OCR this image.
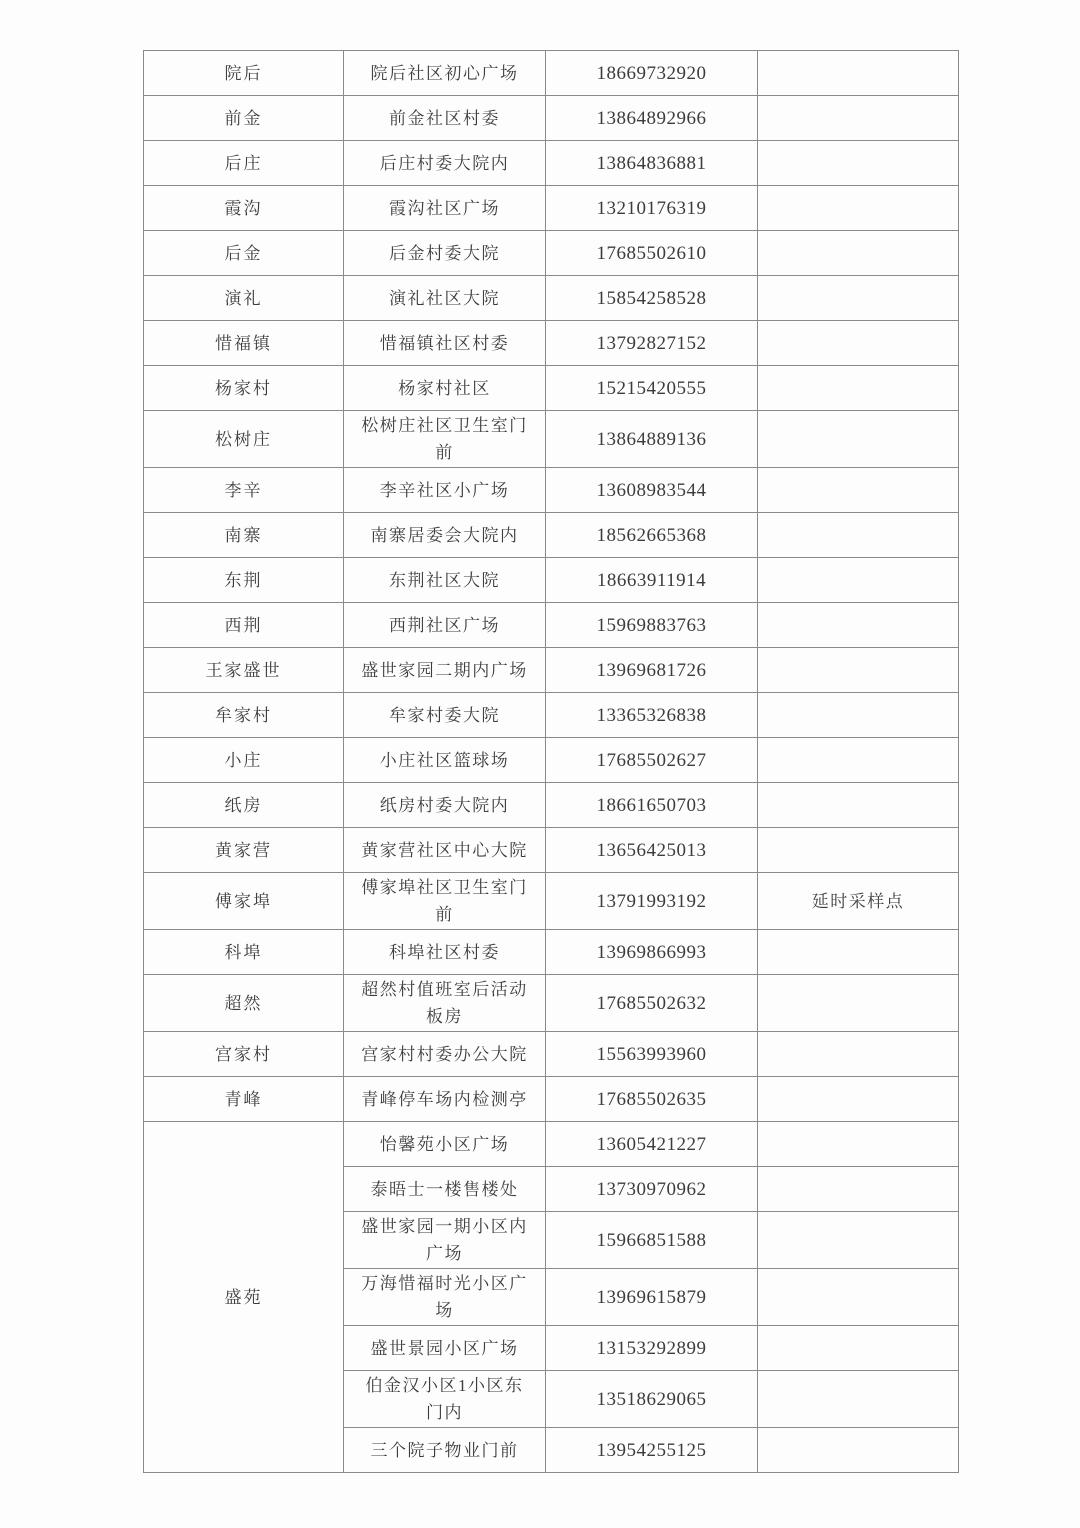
院后	院后社区初心广场	18669732920	
前金	前金社区村委	13864892966	
后庄	后庄村委大院内	13864836881	
霞沟	霞沟社区广场	13210176319	
后金	后金村委大院	17685502610	
演礼	演礼社区大院	15854258528	
惜福镇	惜福镇社区村委	13792827152	
杨家村	杨家村社区	15215420555	
松树庄	松树庄社区卫生室门前	13864889136	
李辛	李辛社区小广场	13608983544	
南寨	南寨居委会大院内	18562665368	
东荆	东荆社区大院	18663911914	
西荆	西荆社区广场	15969883763	
王家盛世	盛世家园二期内广场	13969681726	
牟家村	牟家村委大院	13365326838	
小庄	小庄社区篮球场	17685502627	
纸房	纸房村委大院内	18661650703	
黄家营	黄家营社区中心大院	13656425013	
傅家埠	傅家埠社区卫生室门前	13791993192	延时采样点
科埠	科埠社区村委	13969866993	
超然	超然村值班室后活动板房	17685502632	
宫家村	宫家村村委办公大院	15563993960	
青峰	青峰停车场内检测亭	17685502635	
盛苑	怡馨苑小区广场	13605421227	
	泰晤士一楼售楼处	13730970962	
	盛世家园一期小区内广场	15966851588	
	万海惜福时光小区广场	13969615879	
	盛世景园小区广场	13153292899	
	伯金汉小区1小区东门内	13518629065	
	三个院子物业门前	13954255125	
